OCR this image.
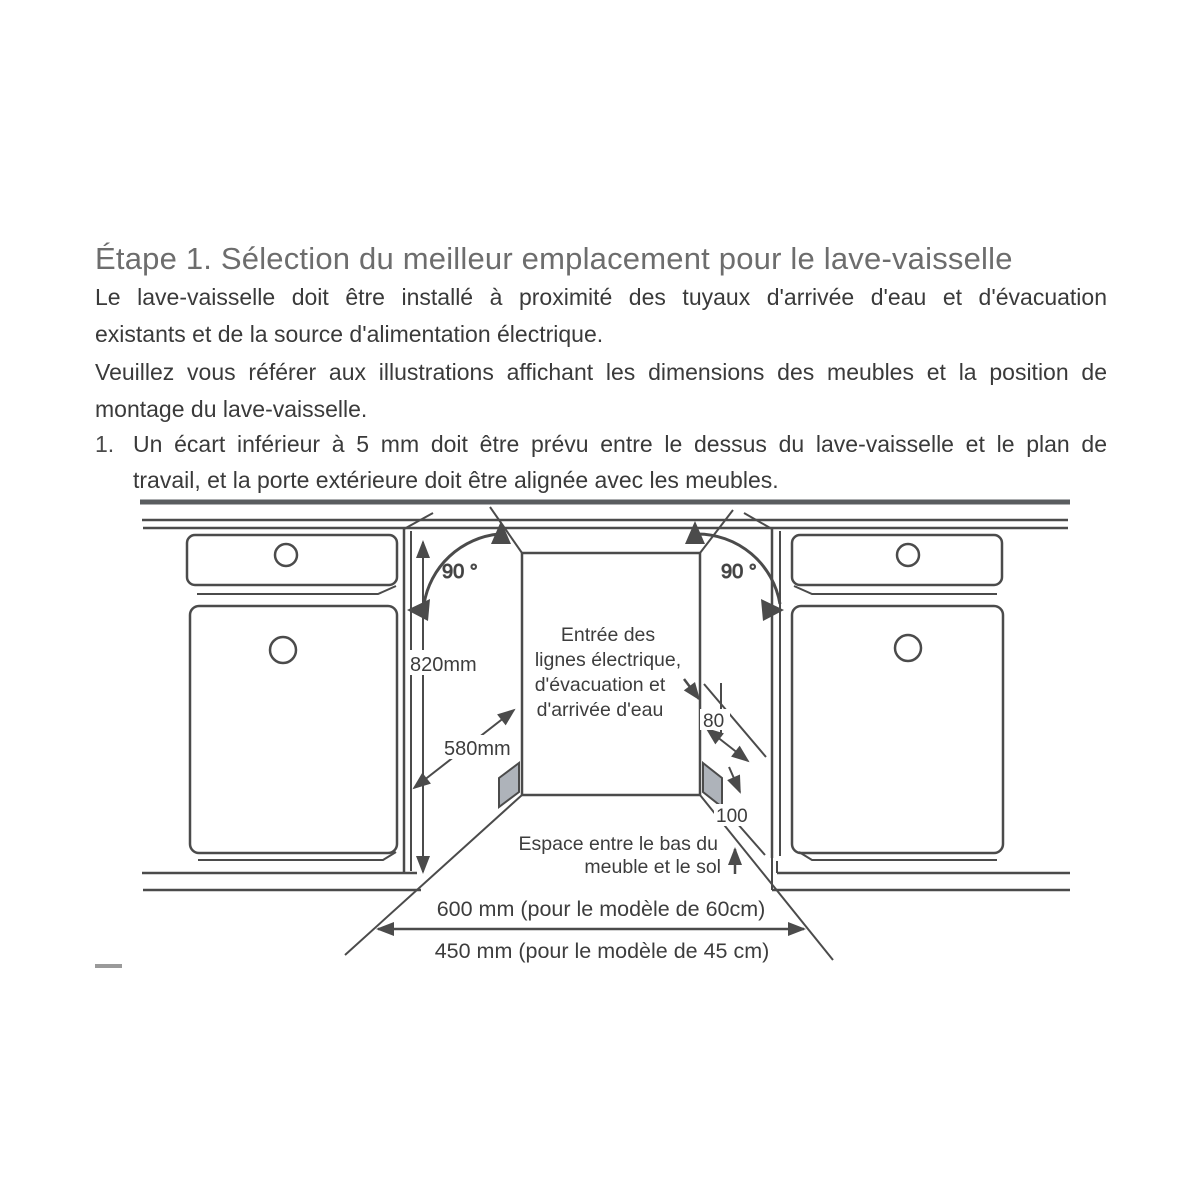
Étape 1. Sélection du meilleur emplacement pour le lave-vaisselle
Le lave-vaisselle doit être installé à proximité des tuyaux d'arrivée d'eau et d'évacuation
existants et de la source d'alimentation électrique.
Veuillez vous référer aux illustrations affichant les dimensions des meubles et la position de
montage du lave-vaisselle.
1. Un écart inférieur à 5 mm doit être prévu entre le dessus du lave-vaisselle et le plan de
travail, et la porte extérieure doit être alignée avec les meubles.
90 °	90 °
820mm
580mm
Entrée des
lignes électrique,
d'évacuation et
d'arrivée d'eau
80
100
Espace entre le bas du
meuble et le sol
600 mm (pour le modèle de 60cm)
450 mm (pour le modèle de 45 cm)
